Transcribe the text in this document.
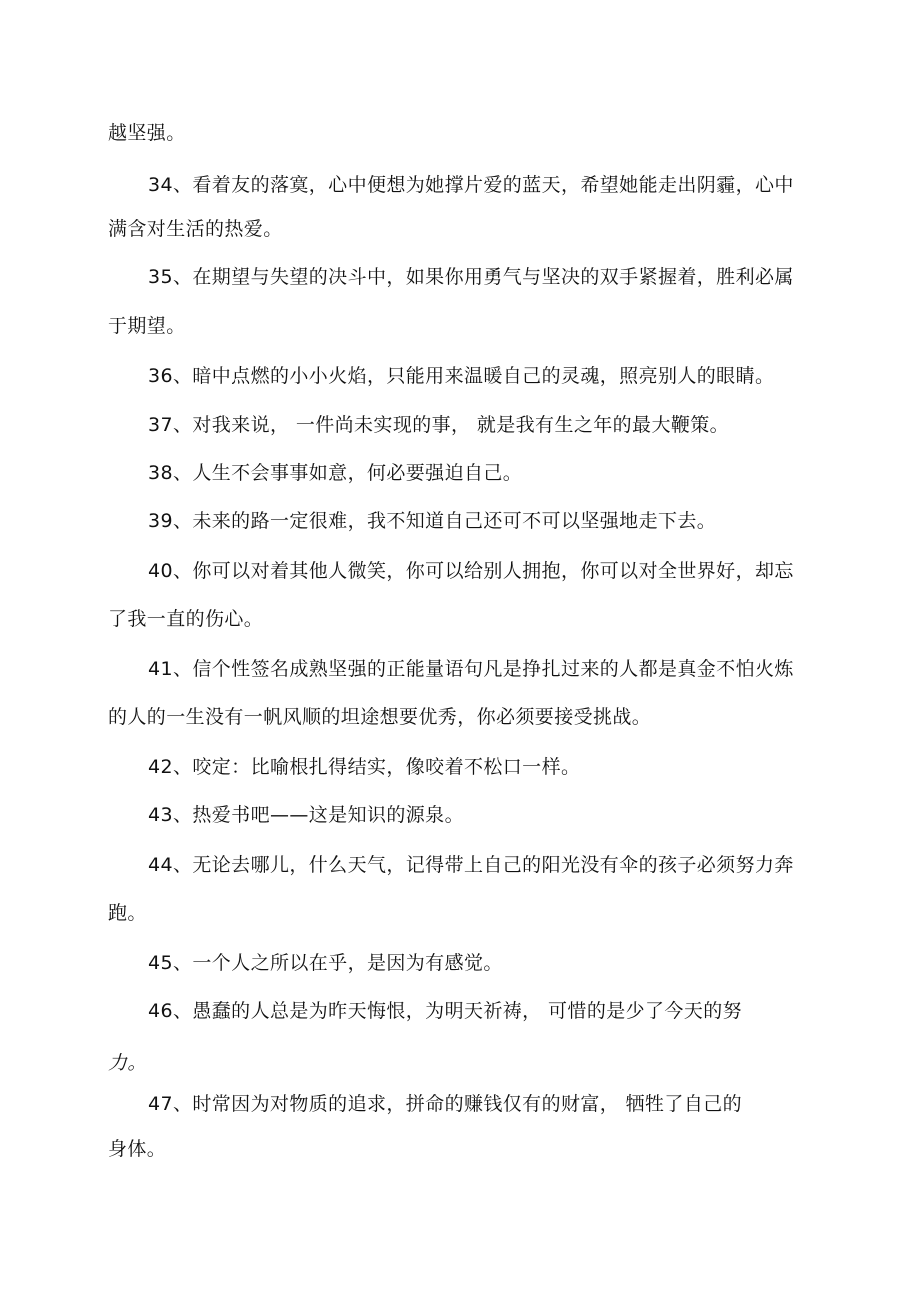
越坚强。
34、看着友的落寞，心中便想为她撑片爱的蓝天，希望她能走出阴霾，心中
满含对生活的热爱。
35、在期望与失望的决斗中，如果你用勇气与坚决的双手紧握着，胜利必属
于期望。
36、暗中点燃的小小火焰，只能用来温暖自己的灵魂，照亮别人的眼睛。
37、对我来说， 一件尚未实现的事， 就是我有生之年的最大鞭策。
38、人生不会事事如意，何必要强迫自己。
39、未来的路一定很难，我不知道自己还可不可以坚强地走下去。
40、你可以对着其他人微笑，你可以给别人拥抱，你可以对全世界好，却忘
了我一直的伤心。
41、信个性签名成熟坚强的正能量语句凡是挣扎过来的人都是真金不怕火炼
的人的一生没有一帆风顺的坦途想要优秀，你必须要接受挑战。
42、咬定：比喻根扎得结实，像咬着不松口一样。
43、热爱书吧——这是知识的源泉。
44、无论去哪儿，什么天气，记得带上自己的阳光没有伞的孩子必须努力奔
跑。
45、一个人之所以在乎，是因为有感觉。
46、愚蠢的人总是为昨天悔恨，为明天祈祷， 可惜的是少了今天的努
力。
47、时常因为对物质的追求，拼命的赚钱仅有的财富， 牺牲了自己的
身体。
